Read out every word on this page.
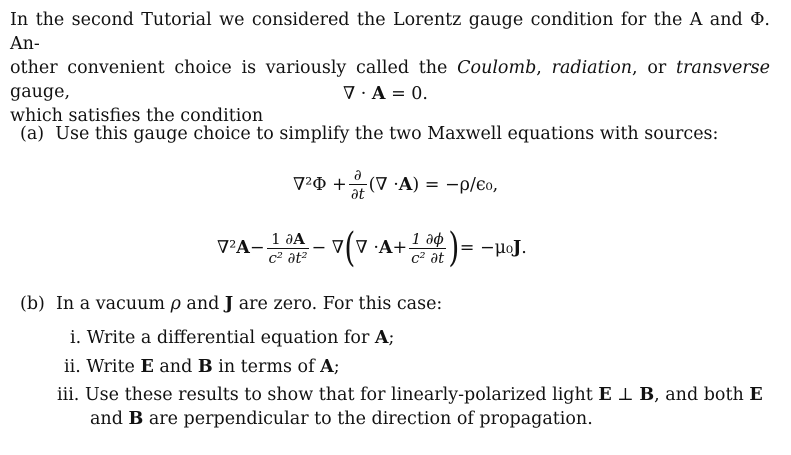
In the second Tutorial we considered the Lorentz gauge condition for the A and Φ. An-
other convenient choice is variously called the Coulomb, radiation, or transverse gauge,
which satisfies the condition
∇ · A = 0.
(a) Use this gauge choice to simplify the two Maxwell equations with sources:
$\nabla^2\Phi + \frac{\partial}{\partial t}$ (∇ · A ) = −ρ/ϵ₀,
∇² $A - \frac{1 \partial A}{\text{c² ∂t²}}$ − ∇ ( ∇ · $A + \frac{1 \partial\phi}{\text{c² ∂t}}$ ) = −μ₀ J .
(b) In a vacuum ρ and J are zero. For this case:
i. Write a differential equation for A;
ii. Write E and B in terms of A;
iii. Use these results to show that for linearly-polarized light E ⊥ B, and both E
and B are perpendicular to the direction of propagation.
